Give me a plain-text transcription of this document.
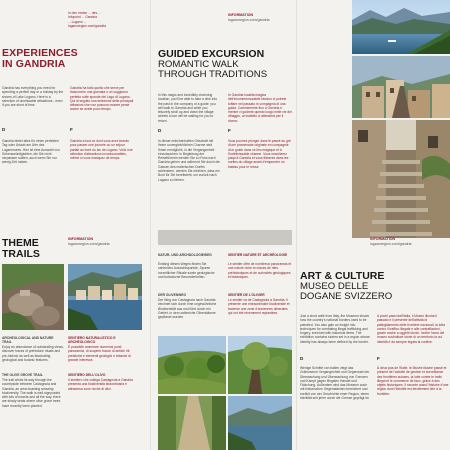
In den ersten ... des ...
Infopoint ... Gandria
... Lugano ...
luganoregion.com/gandria
EXPERIENCES
IN GANDRIA
Gandria has everything you need for spending a perfect day or a holiday by the shores of Lake Lugano. Here is a selection of unmissable attractions - even if you are short of time.
Gandria ha tutto quello che serve per trascorrere una giornata o un soggiorno perfetto sulle sponde del Lago di Lugano. Qui di seguito una selezione delle principali attrazioni che non possono essere perse anche se avete poco tempo.
D	F
Gandria bietet alles für einen perfekten Tag oder Urlaub am Ufer des Luganersees. Hier ist eine Auswahl von Sehenswürdigkeiten, die Sie nicht verpassen sollten, auch wenn Sie nur wenig Zeit haben.
Gandria a tout ce dont vous avez besoin pour passer une journée ou un séjour parfait au bord du lac de Lugano. Voici une sélection d'attractions incontournables, même si vous manquez de temps.
INFORMATION
luganoregion.com/gandria
GUIDED EXCURSION
ROMANTIC WALK
THROUGH TRADITIONS
In this magic and incredibly charming location, you'll be able to take a dive into the past in the company of a guide: you will walk to Gandria and while you leisurely stroll up and down the village streets a tour will be waiting for you to return.
In Gandria località magica dell'incommensurabile fascino vi potrete tuffare nel passato in compagnia di una guida. Camminerete fino a Gandria e mentre vi godrete questo luogo nelle vie del villaggio, un battello vi attenderà per il ritorno.
D	F
In dieser märchenhaften Ortschaft mit ihrem unvergleichlichen Charme wird Ihnen ermöglicht, in die Vergangenheit einzutauchen: in Begleitung der Reiseführerin werden Sie zu Fuss nach Gandria gehen und während Sie durch die Gassen des malerischen Dorfes schlendern, werden Sie erfahren, dass ein Boot für Sie bereitsteht, um zurück nach Lugano zu fahren.
Vous pourrez plonger dans le passé au gré d'une promenade originale en compagnie d'un guide dans ce lieu magique et à l'indéfinissable charme. Vous marcherez jusqu'à Gandria et vous flânerez dans les ruelles du village avant d'emprunter un bateau pour le retour.
THEME
TRAILS
INFORMATION
luganoregion.com/gandria
ARCHEOLOGICAL AND NATURE TRAIL
Enjoy an abundance of outstanding views, discover traces of prehistoric rituals and pre-historic as well as fascinating geological and botanic features.
THE OLIVE GROVE TRAIL
The trail winds its way through the countryside between Castagnola and Gandria, an area boasting amazing biodiversity. The walk is well-signposted with lots of boards and all the way, there are shady seats where olive grove trees have recently been planted.
SENTIERO NATURALISTICO E ARCHEOLOGICO
È possibile ammirare numerosi punti panoramici, di scoprire tracce di antichi riti preistorici e elementi geologici e botanici di grande interesse.
SENTIERO DELL'OLIVO
Il sentiero che collega Castagnola a Gandria presenta una biodiversità straordinaria e attraversa zone ricche di olivi.
NATUR- UND ARCHÄOLOGIEWEG
Entlang dieses Weges finden Sie zahlreiche Aussichtspunkte, Spuren vorzeitlicher Rituale sowie geologische und botanische Besonderheiten.
DER OLIVENWEG
Der Weg von Castagnola nach Gandria zeichnet sich durch eine ungewöhnliche Biodiversität aus und führt durch ein Gebiet, in dem zahlreiche Olivenbäume gepflanzt wurden.
SENTIER NATURE ET ARCHÉOLOGIE
Le sentier offre de nombreux panoramas et une nature riche en traces de rites préhistoriques et de curiosités géologiques et botaniques.
SENTIER DE L'OLIVIER
Le sentier va de Castagnola à Gandria. Il présente une extraordinaire biodiversité et traverse une zone d'anciennes oliveraies qui ont été récemment replantées.
INFORMATION
luganoregion.com/gandria
ART & CULTURE
MUSEO DELLE
DOGANE SVIZZERO
Just a short walk from Italy, the Museum shows how the country's national borders used to be patrolled. You also gain an insight into techniques for combating illegal trafficking and forgery, enriched with historical items. The exhibition contains stories set in a region whose identity has always been defined by the border.
A pochi passi dall'Italia, il Museo illustra il passato e il presente dell'attività di pattugliamento delle frontiere nazionali, la lotta contro il traffico illegale e alle contraffazioni, grazie anche a oggetti storici. Inoltre l'area del museo custodisce storie di un territorio la cui identità è da sempre legata al confine.
D	F
Wenige Schritte von Italien zeigt das Zollmuseum Vergangenheit und Gegenwart der Überwachung und Überwachung von Grenzen und Kampf gegen illegalen Handel und Fälschung. Außerdem wird das Museum auch mit historischen Gegenständen bereichert und erzählt von der Geschichte einer Region, deren Identität seit jeher durch die Grenze geprägt ist.
À deux pas de l'Italie, le Musée illustre passé et présent de l'activité de gestion et surveillance des frontières suisses, la lutte contre le trafic illégal et le commerce de faux, grâce à des objets historiques. Il raconte aussi l'histoire d'une région dont l'identité est étroitement liée à la frontière.
